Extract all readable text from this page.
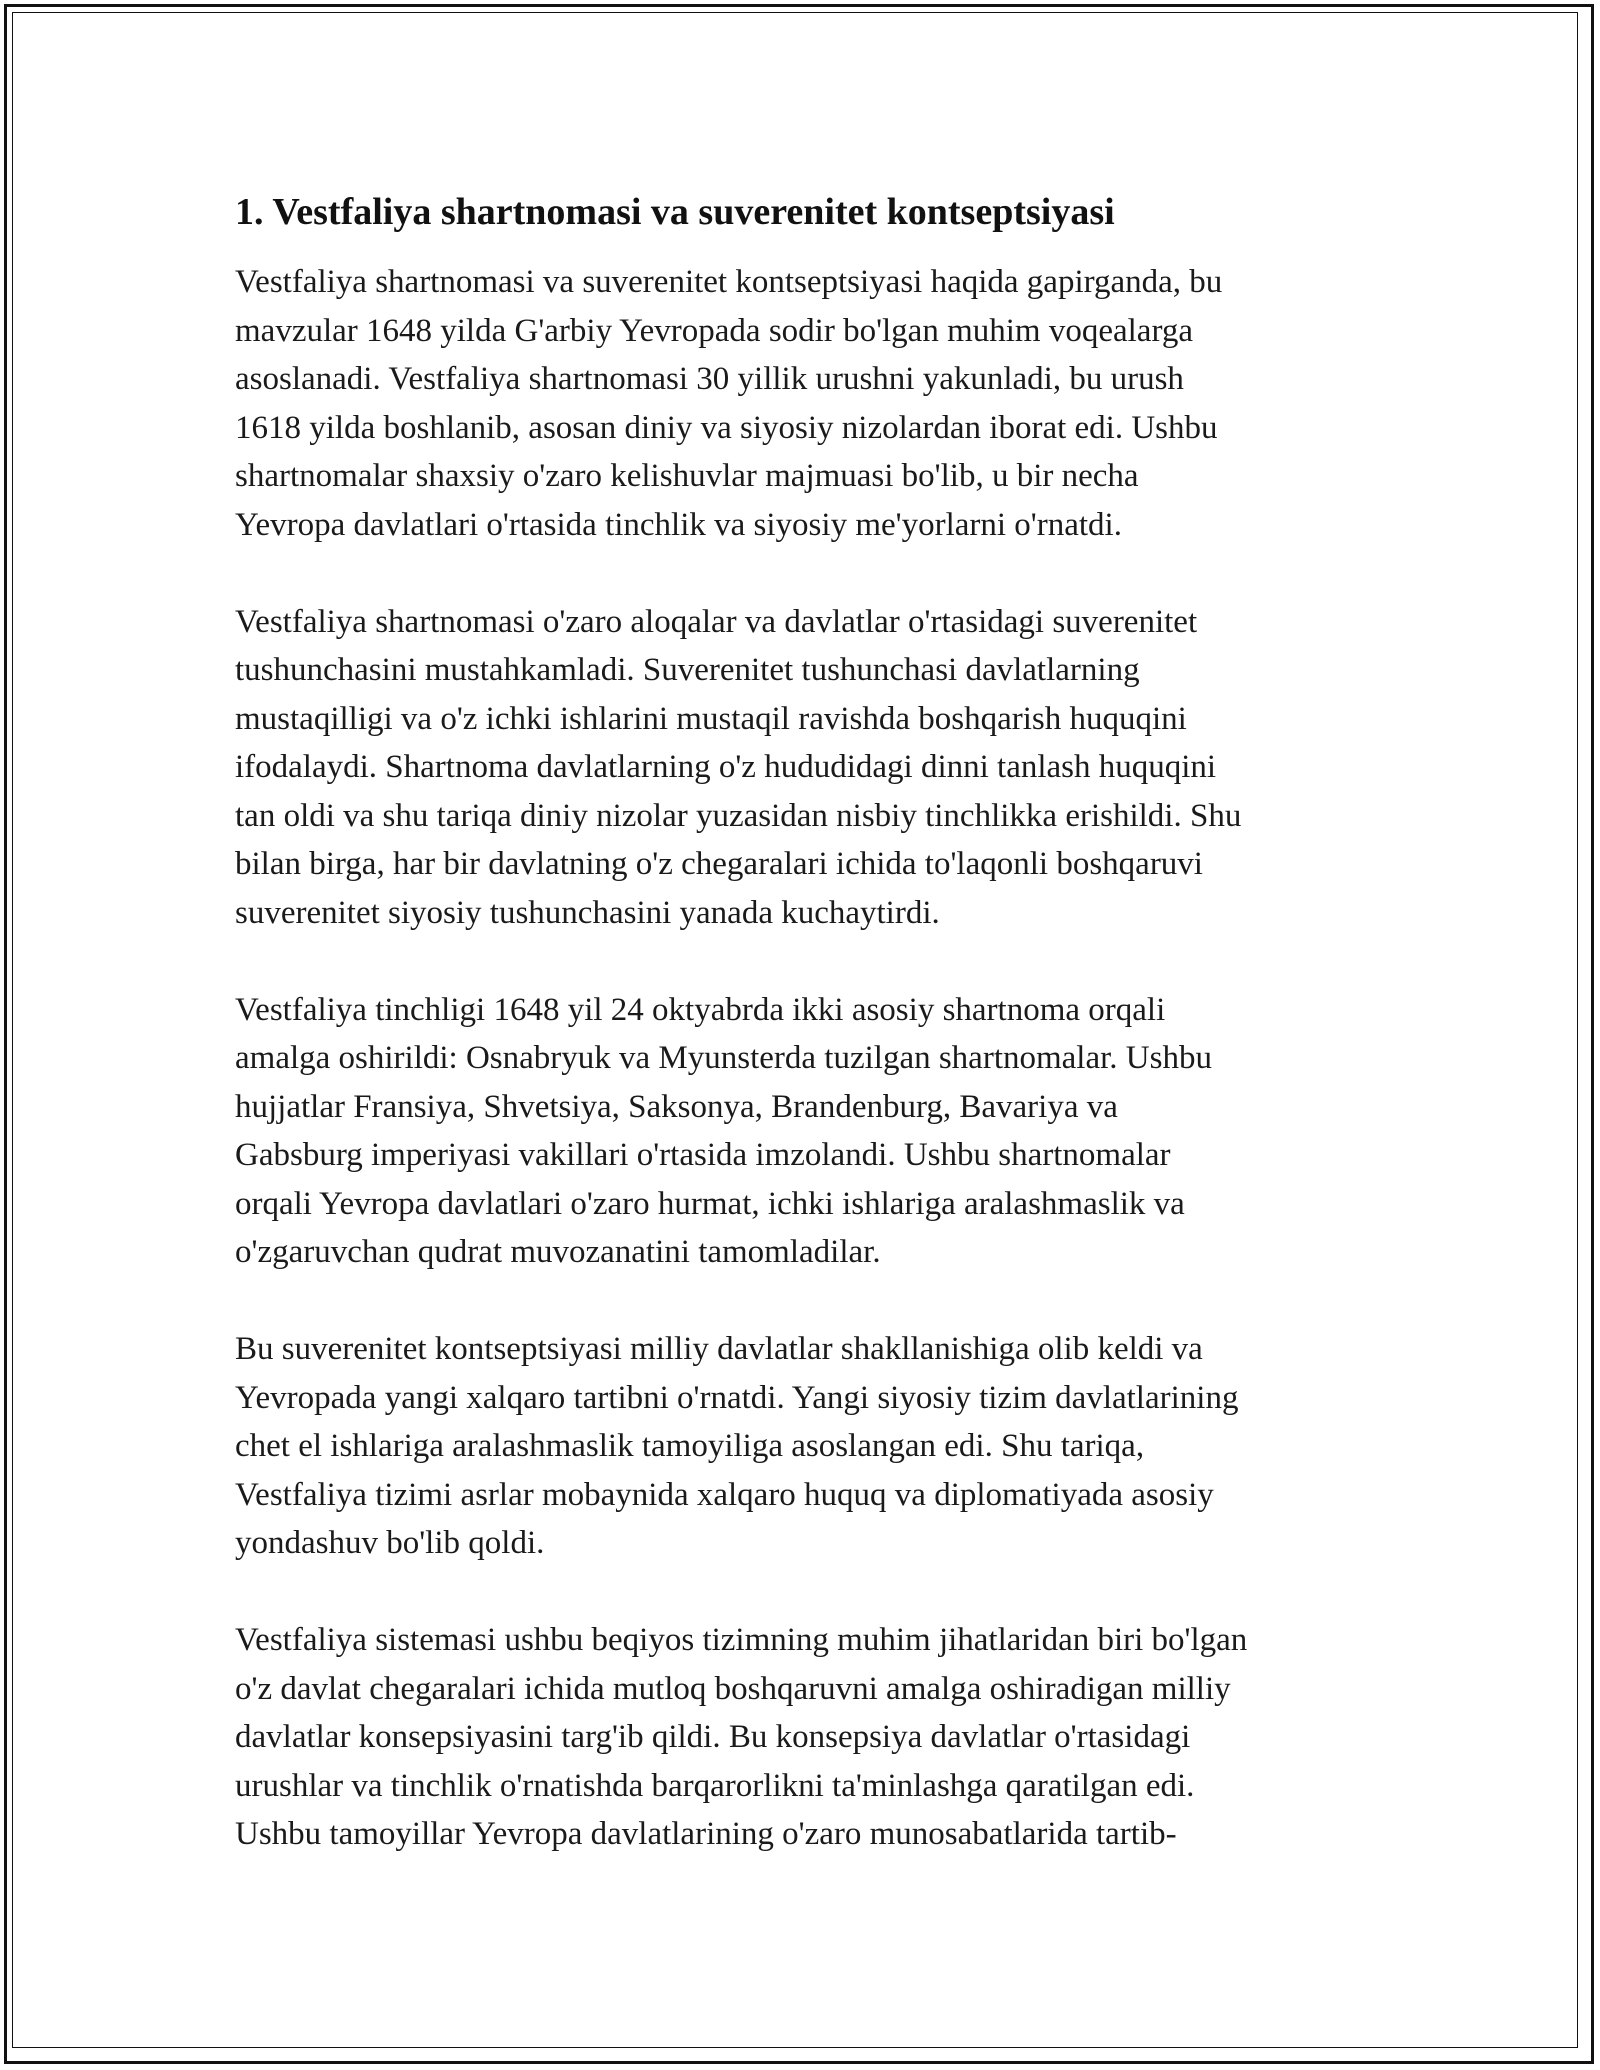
1. Vestfaliya shartnomasi va suverenitet kontseptsiyasi
Vestfaliya shartnomasi va suverenitet kontseptsiyasi haqida gapirganda, bu
mavzular 1648 yilda G'arbiy Yevropada sodir bo'lgan muhim voqealarga
asoslanadi. Vestfaliya shartnomasi 30 yillik urushni yakunladi, bu urush
1618 yilda boshlanib, asosan diniy va siyosiy nizolardan iborat edi. Ushbu
shartnomalar shaxsiy o'zaro kelishuvlar majmuasi bo'lib, u bir necha
Yevropa davlatlari o'rtasida tinchlik va siyosiy me'yorlarni o'rnatdi.
Vestfaliya shartnomasi o'zaro aloqalar va davlatlar o'rtasidagi suverenitet
tushunchasini mustahkamladi. Suverenitet tushunchasi davlatlarning
mustaqilligi va o'z ichki ishlarini mustaqil ravishda boshqarish huquqini
ifodalaydi. Shartnoma davlatlarning o'z hududidagi dinni tanlash huquqini
tan oldi va shu tariqa diniy nizolar yuzasidan nisbiy tinchlikka erishildi. Shu
bilan birga, har bir davlatning o'z chegaralari ichida to'laqonli boshqaruvi
suverenitet siyosiy tushunchasini yanada kuchaytirdi.
Vestfaliya tinchligi 1648 yil 24 oktyabrda ikki asosiy shartnoma orqali
amalga oshirildi: Osnabryuk va Myunsterda tuzilgan shartnomalar. Ushbu
hujjatlar Fransiya, Shvetsiya, Saksonya, Brandenburg, Bavariya va
Gabsburg imperiyasi vakillari o'rtasida imzolandi. Ushbu shartnomalar
orqali Yevropa davlatlari o'zaro hurmat, ichki ishlariga aralashmaslik va
o'zgaruvchan qudrat muvozanatini tamomladilar.
Bu suverenitet kontseptsiyasi milliy davlatlar shakllanishiga olib keldi va
Yevropada yangi xalqaro tartibni o'rnatdi. Yangi siyosiy tizim davlatlarining
chet el ishlariga aralashmaslik tamoyiliga asoslangan edi. Shu tariqa,
Vestfaliya tizimi asrlar mobaynida xalqaro huquq va diplomatiyada asosiy
yondashuv bo'lib qoldi.
Vestfaliya sistemasi ushbu beqiyos tizimning muhim jihatlaridan biri bo'lgan
o'z davlat chegaralari ichida mutloq boshqaruvni amalga oshiradigan milliy
davlatlar konsepsiyasini targ'ib qildi. Bu konsepsiya davlatlar o'rtasidagi
urushlar va tinchlik o'rnatishda barqarorlikni ta'minlashga qaratilgan edi.
Ushbu tamoyillar Yevropa davlatlarining o'zaro munosabatlarida tartib-
